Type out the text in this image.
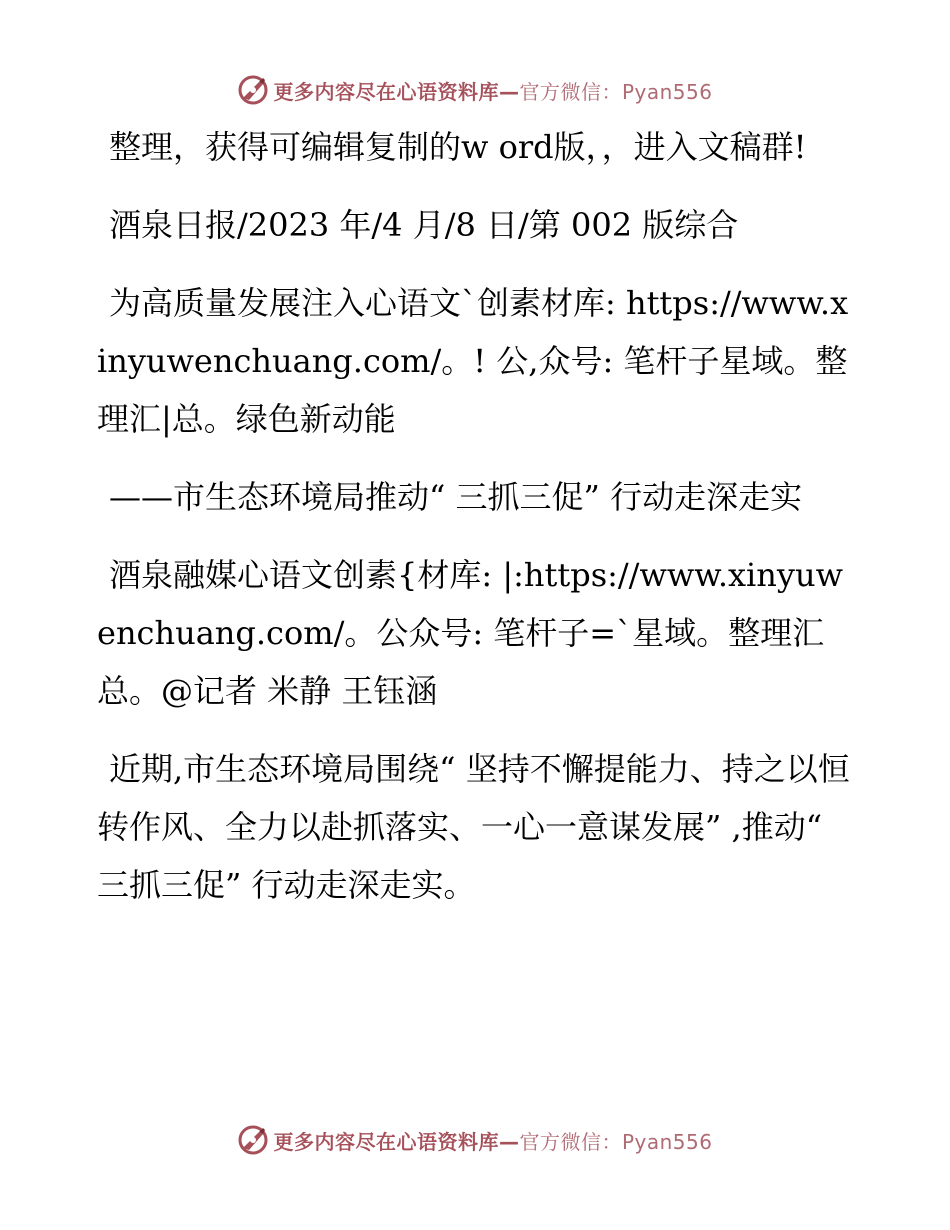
更多内容尽在心语资料库—官方微信：Pyan556

整理，获得可编辑复制的w ord版，，进入文稿群!

酒泉日报/2023 年/4 月/8 日/第 002 版综合

为高质量发展注入心语文`创素材库: https://www.xinyuwenchuang.com/。! 公,众号: 笔杆子星域。整理汇|总。绿色新动能

——市生态环境局推动“ 三抓三促” 行动走深走实

酒泉融媒心语文创素{材库: |:https://www.xinyuwenchuang.com/。公众号: 笔杆子=`星域。整理汇总。@记者 米静 王钰涵

近期,市生态环境局围绕“ 坚持不懈提能力、持之以恒转作风、全力以赴抓落实、一心一意谋发展” ,推动“ 三抓三促” 行动走深走实。

更多内容尽在心语资料库—官方微信：Pyan556
